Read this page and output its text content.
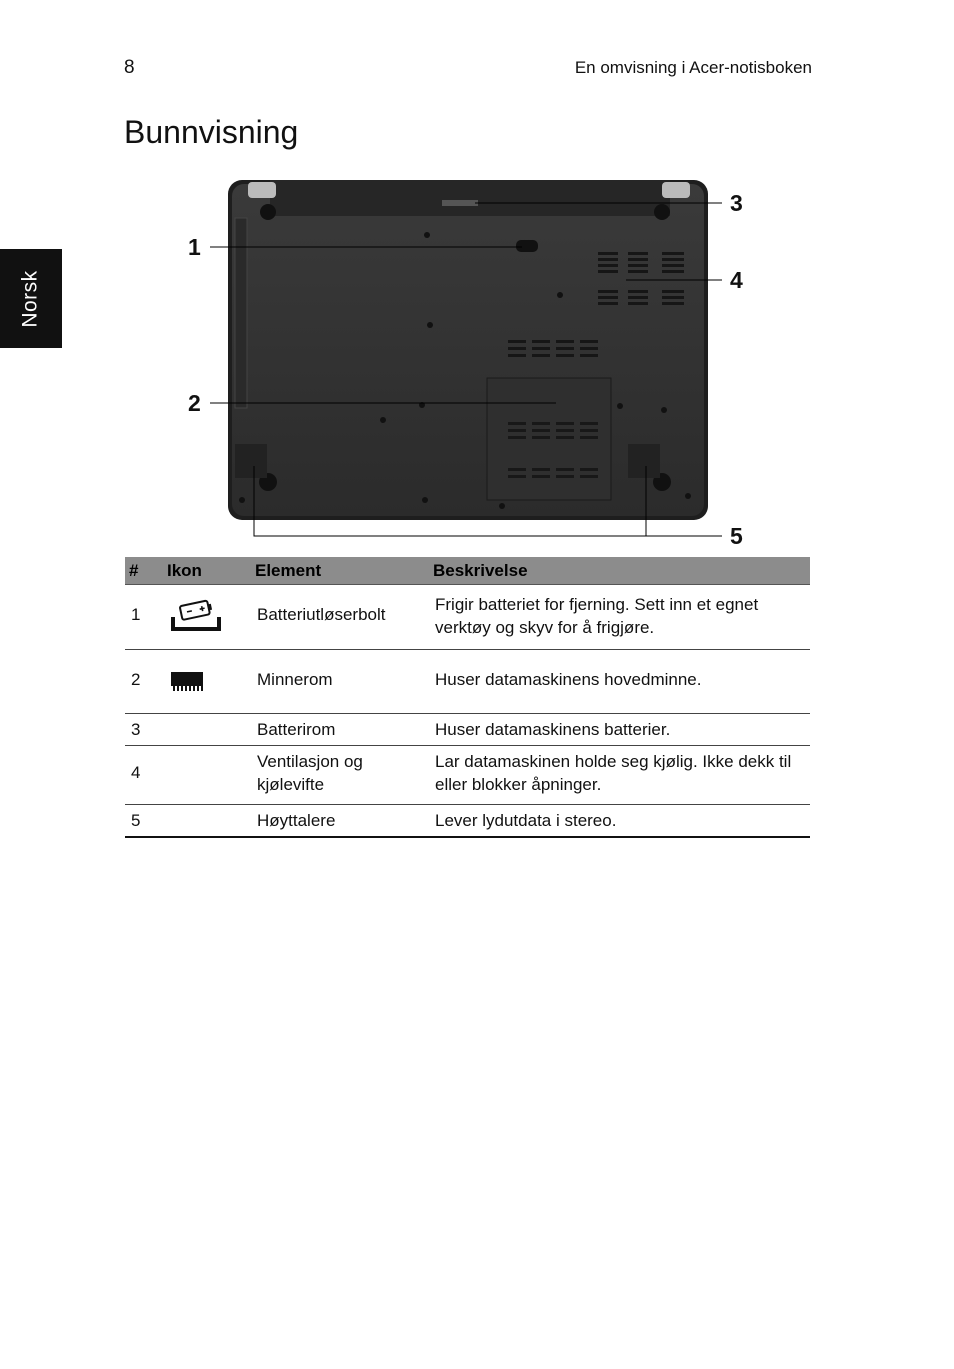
8	En omvisning i Acer-notisboken
Norsk
Bunnvisning
1
2
3
4
5
#	Ikon	Element	Beskrivelse
1		Batteriutløserbolt	Frigir batteriet for fjerning. Sett inn et egnet verktøy og skyv for å frigjøre.
2		Minnerom	Huser datamaskinens hovedminne.
3		Batterirom	Huser datamaskinens batterier.
4		Ventilasjon og kjølevifte	Lar datamaskinen holde seg kjølig. Ikke dekk til eller blokker åpninger.
5		Høyttalere	Lever lydutdata i stereo.
